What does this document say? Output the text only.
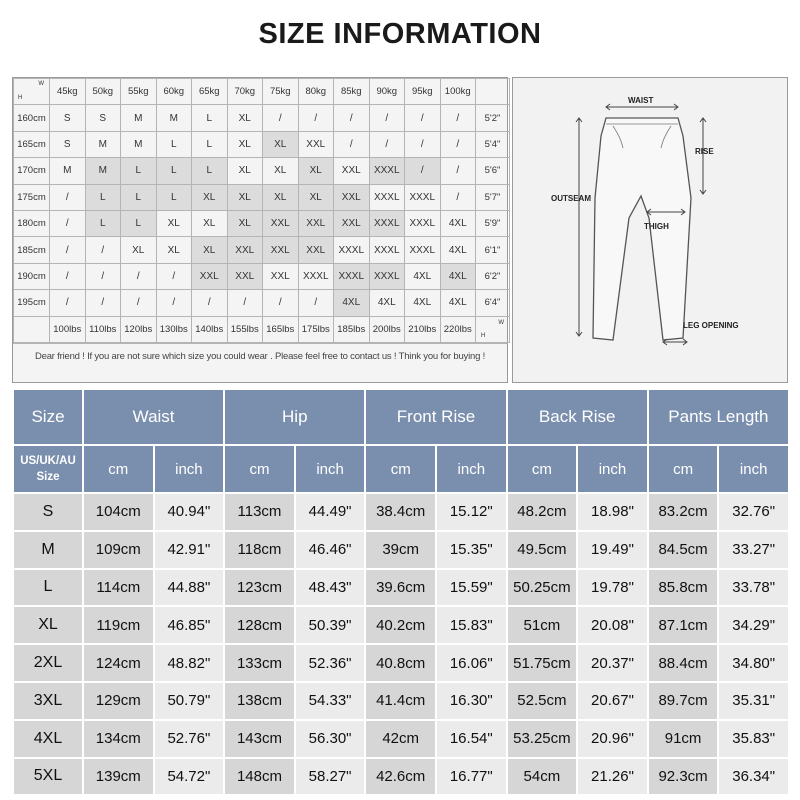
SIZE INFORMATION
H
W	45kg	50kg	55kg	60kg	65kg	70kg	75kg	80kg	85kg	90kg	95kg	100kg	
160cm	S	S	M	M	L	XL	/	/	/	/	/	/	5'2"
165cm	S	M	M	L	L	XL	XL	XXL	/	/	/	/	5'4"
170cm	M	M	L	L	L	XL	XL	XL	XXL	XXXL	/	/	5'6"
175cm	/	L	L	L	XL	XL	XL	XL	XXL	XXXL	XXXL	/	5'7"
180cm	/	L	L	XL	XL	XL	XXL	XXL	XXL	XXXL	XXXL	4XL	5'9"
185cm	/	/	XL	XL	XL	XXL	XXL	XXL	XXXL	XXXL	XXXL	4XL	6'1"
190cm	/	/	/	/	XXL	XXL	XXL	XXXL	XXXL	XXXL	4XL	4XL	6'2"
195cm	/	/	/	/	/	/	/	/	4XL	4XL	4XL	4XL	6'4"
	100lbs	110lbs	120lbs	130lbs	140lbs	155lbs	165lbs	175lbs	185lbs	200lbs	210lbs	220lbs	H
W
Dear friend ! If you are not sure which size you could wear . Please feel free to contact us ! Think you for buying !
WAIST
RISE
OUTSEAM
THIGH
LEG OPENING
Size	Waist		Hip		Front Rise		Back Rise		Pants Length	

US/UK/AU
Size	cm	inch	cm	inch	cm	inch	cm	inch	cm	inch
S	104cm	40.94"	113cm	44.49"	38.4cm	15.12"	48.2cm	18.98"	83.2cm	32.76"
M	109cm	42.91"	118cm	46.46"	39cm	15.35"	49.5cm	19.49"	84.5cm	33.27"
L	114cm	44.88"	123cm	48.43"	39.6cm	15.59"	50.25cm	19.78"	85.8cm	33.78"
XL	119cm	46.85"	128cm	50.39"	40.2cm	15.83"	51cm	20.08"	87.1cm	34.29"
2XL	124cm	48.82"	133cm	52.36"	40.8cm	16.06"	51.75cm	20.37"	88.4cm	34.80"
3XL	129cm	50.79"	138cm	54.33"	41.4cm	16.30"	52.5cm	20.67"	89.7cm	35.31"
4XL	134cm	52.76"	143cm	56.30"	42cm	16.54"	53.25cm	20.96"	91cm	35.83"
5XL	139cm	54.72"	148cm	58.27"	42.6cm	16.77"	54cm	21.26"	92.3cm	36.34"
